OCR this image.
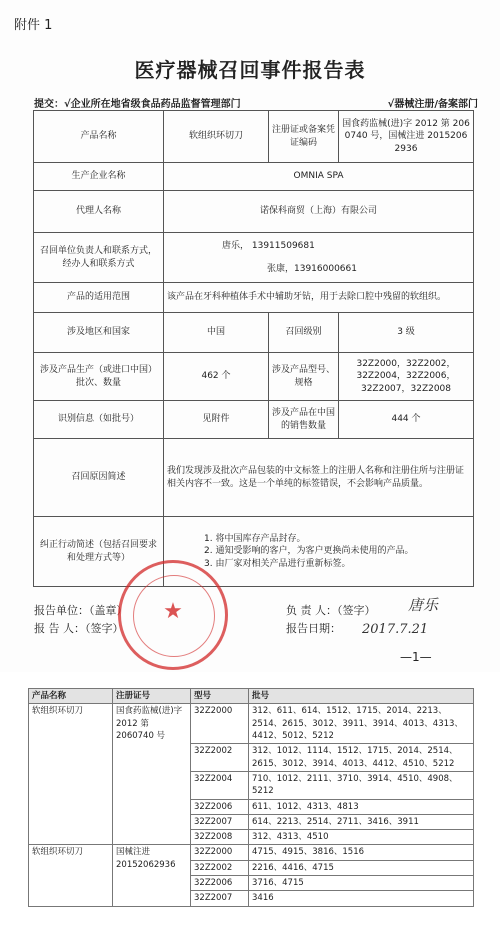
附件 1
医疗器械召回事件报告表
提交：√企业所在地省级食品药品监督管理部门	√器械注册/备案部门
产品名称	软组织环切刀	注册证或备案凭证编码	国食药监械(进)字 2012 第 2060740 号，国械注进 20152062936
生产企业名称	OMNIA SPA		
代理人名称	诺保科商贸（上海）有限公司		
召回单位负责人和联系方式，经办人和联系方式	唐乐， 13911509681
张康，13916000661		

产品的适用范围	该产品在牙科种植体手术中辅助牙钻，用于去除口腔中残留的软组织。		
涉及地区和国家	中国	召回级别	3 级
涉及产品生产（或进口中国）批次、数量	462 个	涉及产品型号、规格	32Z2000，32Z2002，
32Z2004，32Z2006，
32Z2007，32Z2008

识别信息（如批号）	见附件	涉及产品在中国的销售数量	444 个
召回原因简述	我们发现涉及批次产品包装的中文标签上的注册人名称和注册住所与注册证相关内容不一致。这是一个单纯的标签错误，不会影响产品质量。		
纠正行动简述（包括召回要求和处理方式等）	1. 将中国库存产品封存。
2. 通知受影响的客户，为客户更换尚未使用的产品。
3. 由厂家对相关产品进行重新标签。		
报告单位：（盖章）
报 告 人：（签字）
负 责 人：（签字）
报告日期：
唐乐
2017.7.21
—1—
★
产品名称	注册证号	型号	批号
软组织环切刀	国食药监械(进)字 2012 第 2060740 号	32Z2000	312、611、614、1512、1715、2014、2213、2514、2615、3012、3911、3914、4013、4313、4412、5012、5212
		32Z2002	312、1012、1114、1512、1715、2014、2514、2615、3012、3914、4013、4412、4510、5212
		32Z2004	710、1012、2111、3710、3914、4510、4908、5212
		32Z2006	611、1012、4313、4813
		32Z2007	614、2213、2514、2711、3416、3911
		32Z2008	312、4313、4510
软组织环切刀	国械注进 20152062936	32Z2000	4715、4915、3816、1516
		32Z2002	2216、4416、4715
		32Z2006	3716、4715
		32Z2007	3416
